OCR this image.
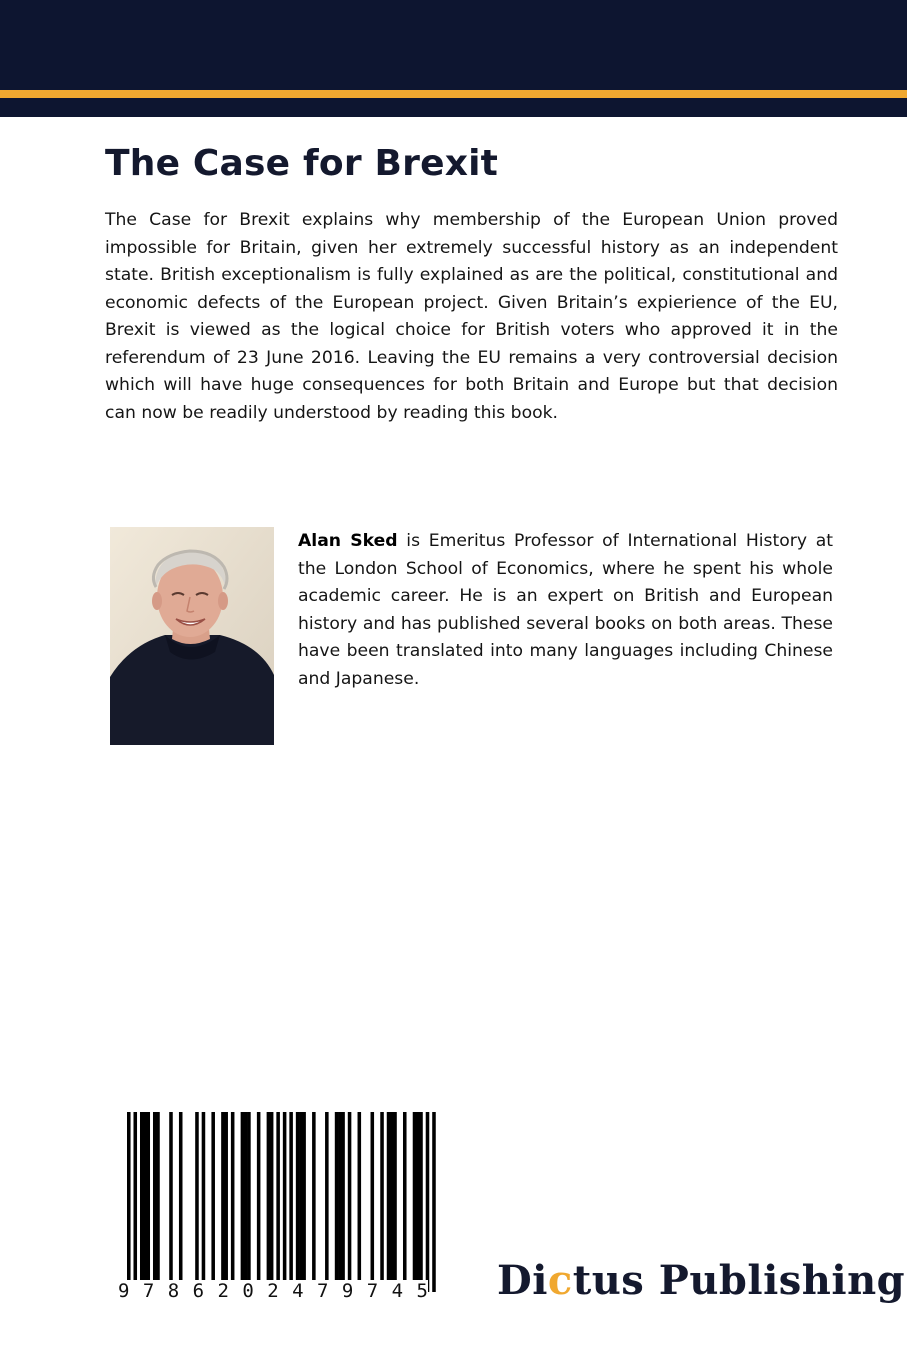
The Case for Brexit

The Case for Brexit explains why membership of the European Union proved impossible for Britain, given her extremely successful history as an independent state. British exceptionalism is fully explained as are the political, constitutional and economic defects of the European project. Given Britain’s expierience of the EU, Brexit is viewed as the logical choice for British voters who approved it in the referendum of 23 June 2016. Leaving the EU remains a very controversial decision which will have huge consequences for both Britain and Europe but that decision can now be readily understood by reading this book.

Alan Sked is Emeritus Professor of International History at the London School of Economics, where he spent his whole academic career. He is an expert on British and European history and has published several books on both areas. These have been translated into many languages including Chinese and Japanese.

9 7 8 6 2 0 2 4 7 9 7 4 5 Dictus Publishing
